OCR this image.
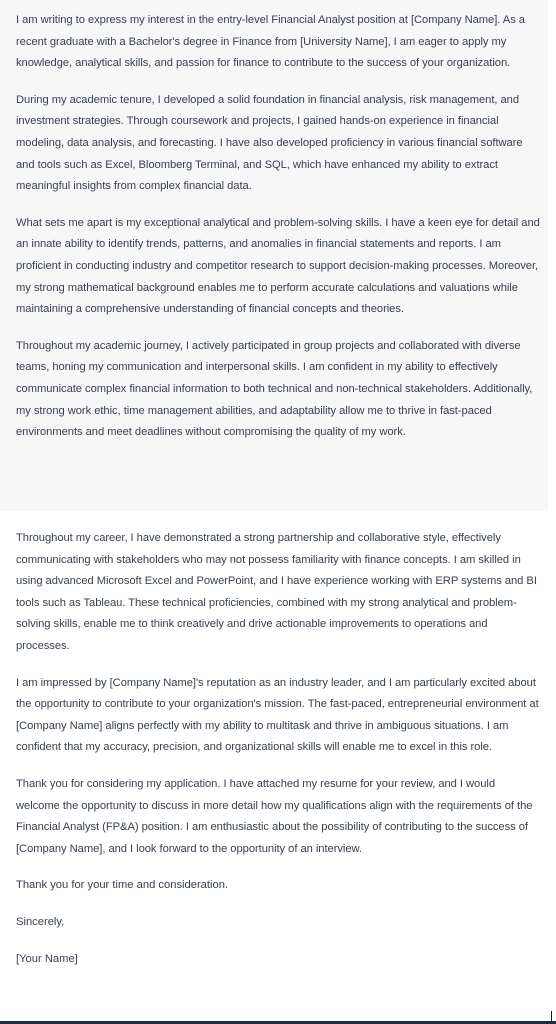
I am writing to express my interest in the entry-level Financial Analyst position at [Company Name]. As a recent graduate with a Bachelor's degree in Finance from [University Name], I am eager to apply my knowledge, analytical skills, and passion for finance to contribute to the success of your organization.

During my academic tenure, I developed a solid foundation in financial analysis, risk management, and investment strategies. Through coursework and projects, I gained hands-on experience in financial modeling, data analysis, and forecasting. I have also developed proficiency in various financial software and tools such as Excel, Bloomberg Terminal, and SQL, which have enhanced my ability to extract meaningful insights from complex financial data.

What sets me apart is my exceptional analytical and problem-solving skills. I have a keen eye for detail and an innate ability to identify trends, patterns, and anomalies in financial statements and reports. I am proficient in conducting industry and competitor research to support decision-making processes. Moreover, my strong mathematical background enables me to perform accurate calculations and valuations while maintaining a comprehensive understanding of financial concepts and theories.

Throughout my academic journey, I actively participated in group projects and collaborated with diverse teams, honing my communication and interpersonal skills. I am confident in my ability to effectively communicate complex financial information to both technical and non-technical stakeholders. Additionally, my strong work ethic, time management abilities, and adaptability allow me to thrive in fast-paced environments and meet deadlines without compromising the quality of my work.

Throughout my career, I have demonstrated a strong partnership and collaborative style, effectively communicating with stakeholders who may not possess familiarity with finance concepts. I am skilled in using advanced Microsoft Excel and PowerPoint, and I have experience working with ERP systems and BI tools such as Tableau. These technical proficiencies, combined with my strong analytical and problem-solving skills, enable me to think creatively and drive actionable improvements to operations and processes.

I am impressed by [Company Name]'s reputation as an industry leader, and I am particularly excited about the opportunity to contribute to your organization's mission. The fast-paced, entrepreneurial environment at [Company Name] aligns perfectly with my ability to multitask and thrive in ambiguous situations. I am confident that my accuracy, precision, and organizational skills will enable me to excel in this role.

Thank you for considering my application. I have attached my resume for your review, and I would welcome the opportunity to discuss in more detail how my qualifications align with the requirements of the Financial Analyst (FP&A) position. I am enthusiastic about the possibility of contributing to the success of [Company Name], and I look forward to the opportunity of an interview.

Thank you for your time and consideration.

Sincerely,

[Your Name]
